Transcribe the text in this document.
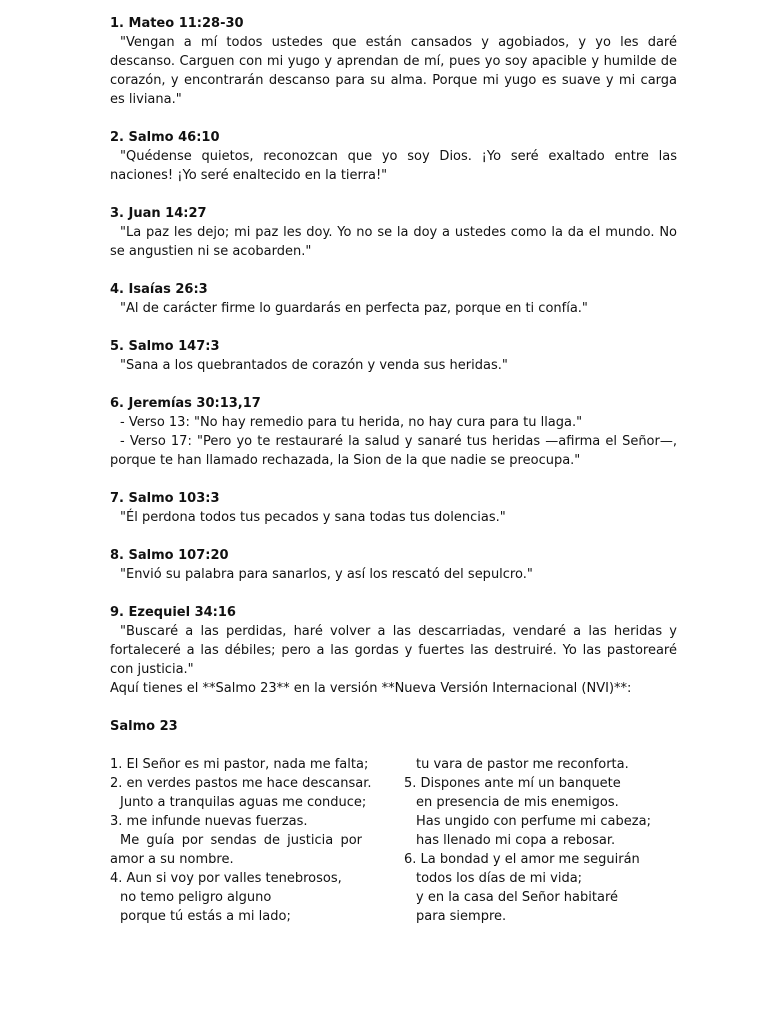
1. Mateo 11:28-30

"Vengan a mí todos ustedes que están cansados y agobiados, y yo les daré descanso. Carguen con mi yugo y aprendan de mí, pues yo soy apacible y humilde de corazón, y encontrarán descanso para su alma. Porque mi yugo es suave y mi carga es liviana."

2. Salmo 46:10

"Quédense quietos, reconozcan que yo soy Dios. ¡Yo seré exaltado entre las naciones! ¡Yo seré enaltecido en la tierra!"

3. Juan 14:27

"La paz les dejo; mi paz les doy. Yo no se la doy a ustedes como la da el mundo. No se angustien ni se acobarden."

4. Isaías 26:3

"Al de carácter firme lo guardarás en perfecta paz, porque en ti confía."

5. Salmo 147:3

"Sana a los quebrantados de corazón y venda sus heridas."

6. Jeremías 30:13,17

- Verso 13: "No hay remedio para tu herida, no hay cura para tu llaga."

- Verso 17: "Pero yo te restauraré la salud y sanaré tus heridas —afirma el Señor—, porque te han llamado rechazada, la Sion de la que nadie se preocupa."

7. Salmo 103:3

"Él perdona todos tus pecados y sana todas tus dolencias."

8. Salmo 107:20

"Envió su palabra para sanarlos, y así los rescató del sepulcro."

9. Ezequiel 34:16

"Buscaré a las perdidas, haré volver a las descarriadas, vendaré a las heridas y fortaleceré a las débiles; pero a las gordas y fuertes las destruiré. Yo las pastorearé con justicia."

Aquí tienes el **Salmo 23** en la versión **Nueva Versión Internacional (NVI)**:

Salmo 23

1. El Señor es mi pastor, nada me falta;

2. en verdes pastos me hace descansar.

Junto a tranquilas aguas me conduce;

3. me infunde nuevas fuerzas.

Me guía por sendas de justicia por

amor a su nombre.

4. Aun si voy por valles tenebrosos,

no temo peligro alguno

porque tú estás a mi lado;

tu vara de pastor me reconforta.

5. Dispones ante mí un banquete

en presencia de mis enemigos.

Has ungido con perfume mi cabeza;

has llenado mi copa a rebosar.

6. La bondad y el amor me seguirán

todos los días de mi vida;

y en la casa del Señor habitaré

para siempre.
